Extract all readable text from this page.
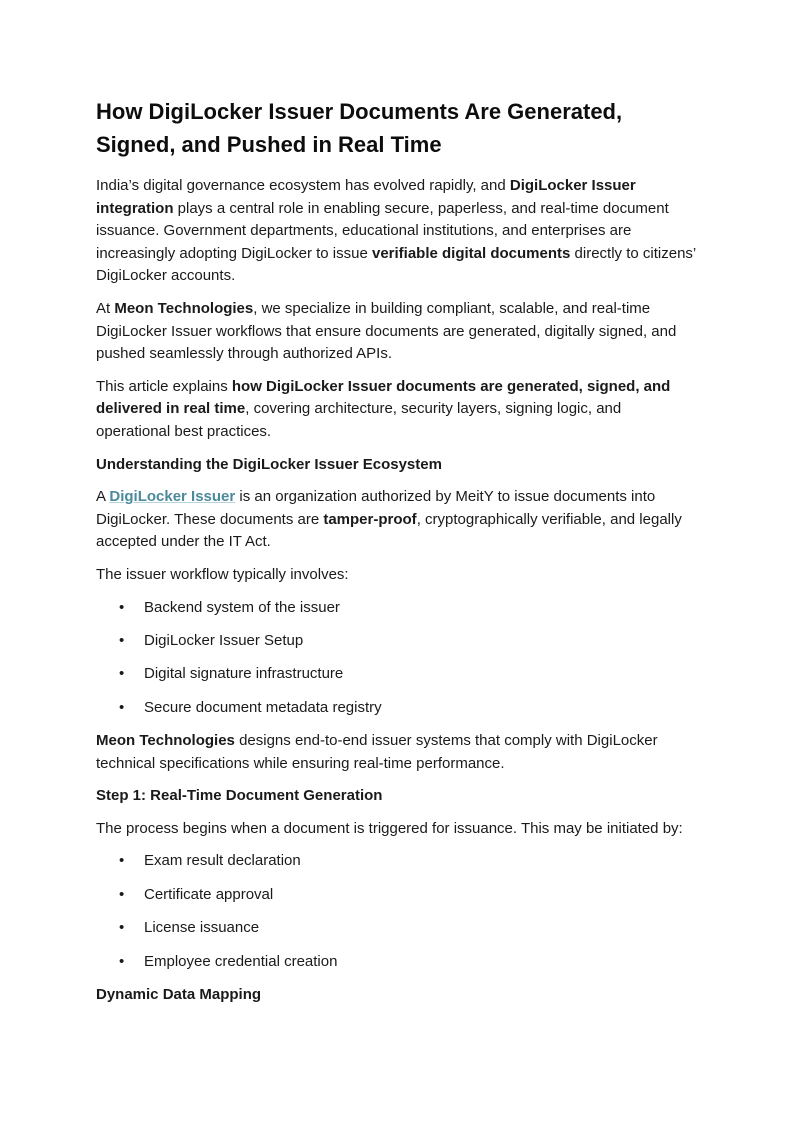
How DigiLocker Issuer Documents Are Generated, Signed, and Pushed in Real Time

India’s digital governance ecosystem has evolved rapidly, and DigiLocker Issuer integration plays a central role in enabling secure, paperless, and real-time document issuance. Government departments, educational institutions, and enterprises are increasingly adopting DigiLocker to issue verifiable digital documents directly to citizens’ DigiLocker accounts.

At Meon Technologies, we specialize in building compliant, scalable, and real-time DigiLocker Issuer workflows that ensure documents are generated, digitally signed, and pushed seamlessly through authorized APIs.

This article explains how DigiLocker Issuer documents are generated, signed, and delivered in real time, covering architecture, security layers, signing logic, and operational best practices.

Understanding the DigiLocker Issuer Ecosystem

A DigiLocker Issuer is an organization authorized by MeitY to issue documents into DigiLocker. These documents are tamper-proof, cryptographically verifiable, and legally accepted under the IT Act.

The issuer workflow typically involves:

• Backend system of the issuer
• DigiLocker Issuer Setup
• Digital signature infrastructure
• Secure document metadata registry

Meon Technologies designs end-to-end issuer systems that comply with DigiLocker technical specifications while ensuring real-time performance.

Step 1: Real-Time Document Generation

The process begins when a document is triggered for issuance. This may be initiated by:

• Exam result declaration
• Certificate approval
• License issuance
• Employee credential creation

Dynamic Data Mapping
